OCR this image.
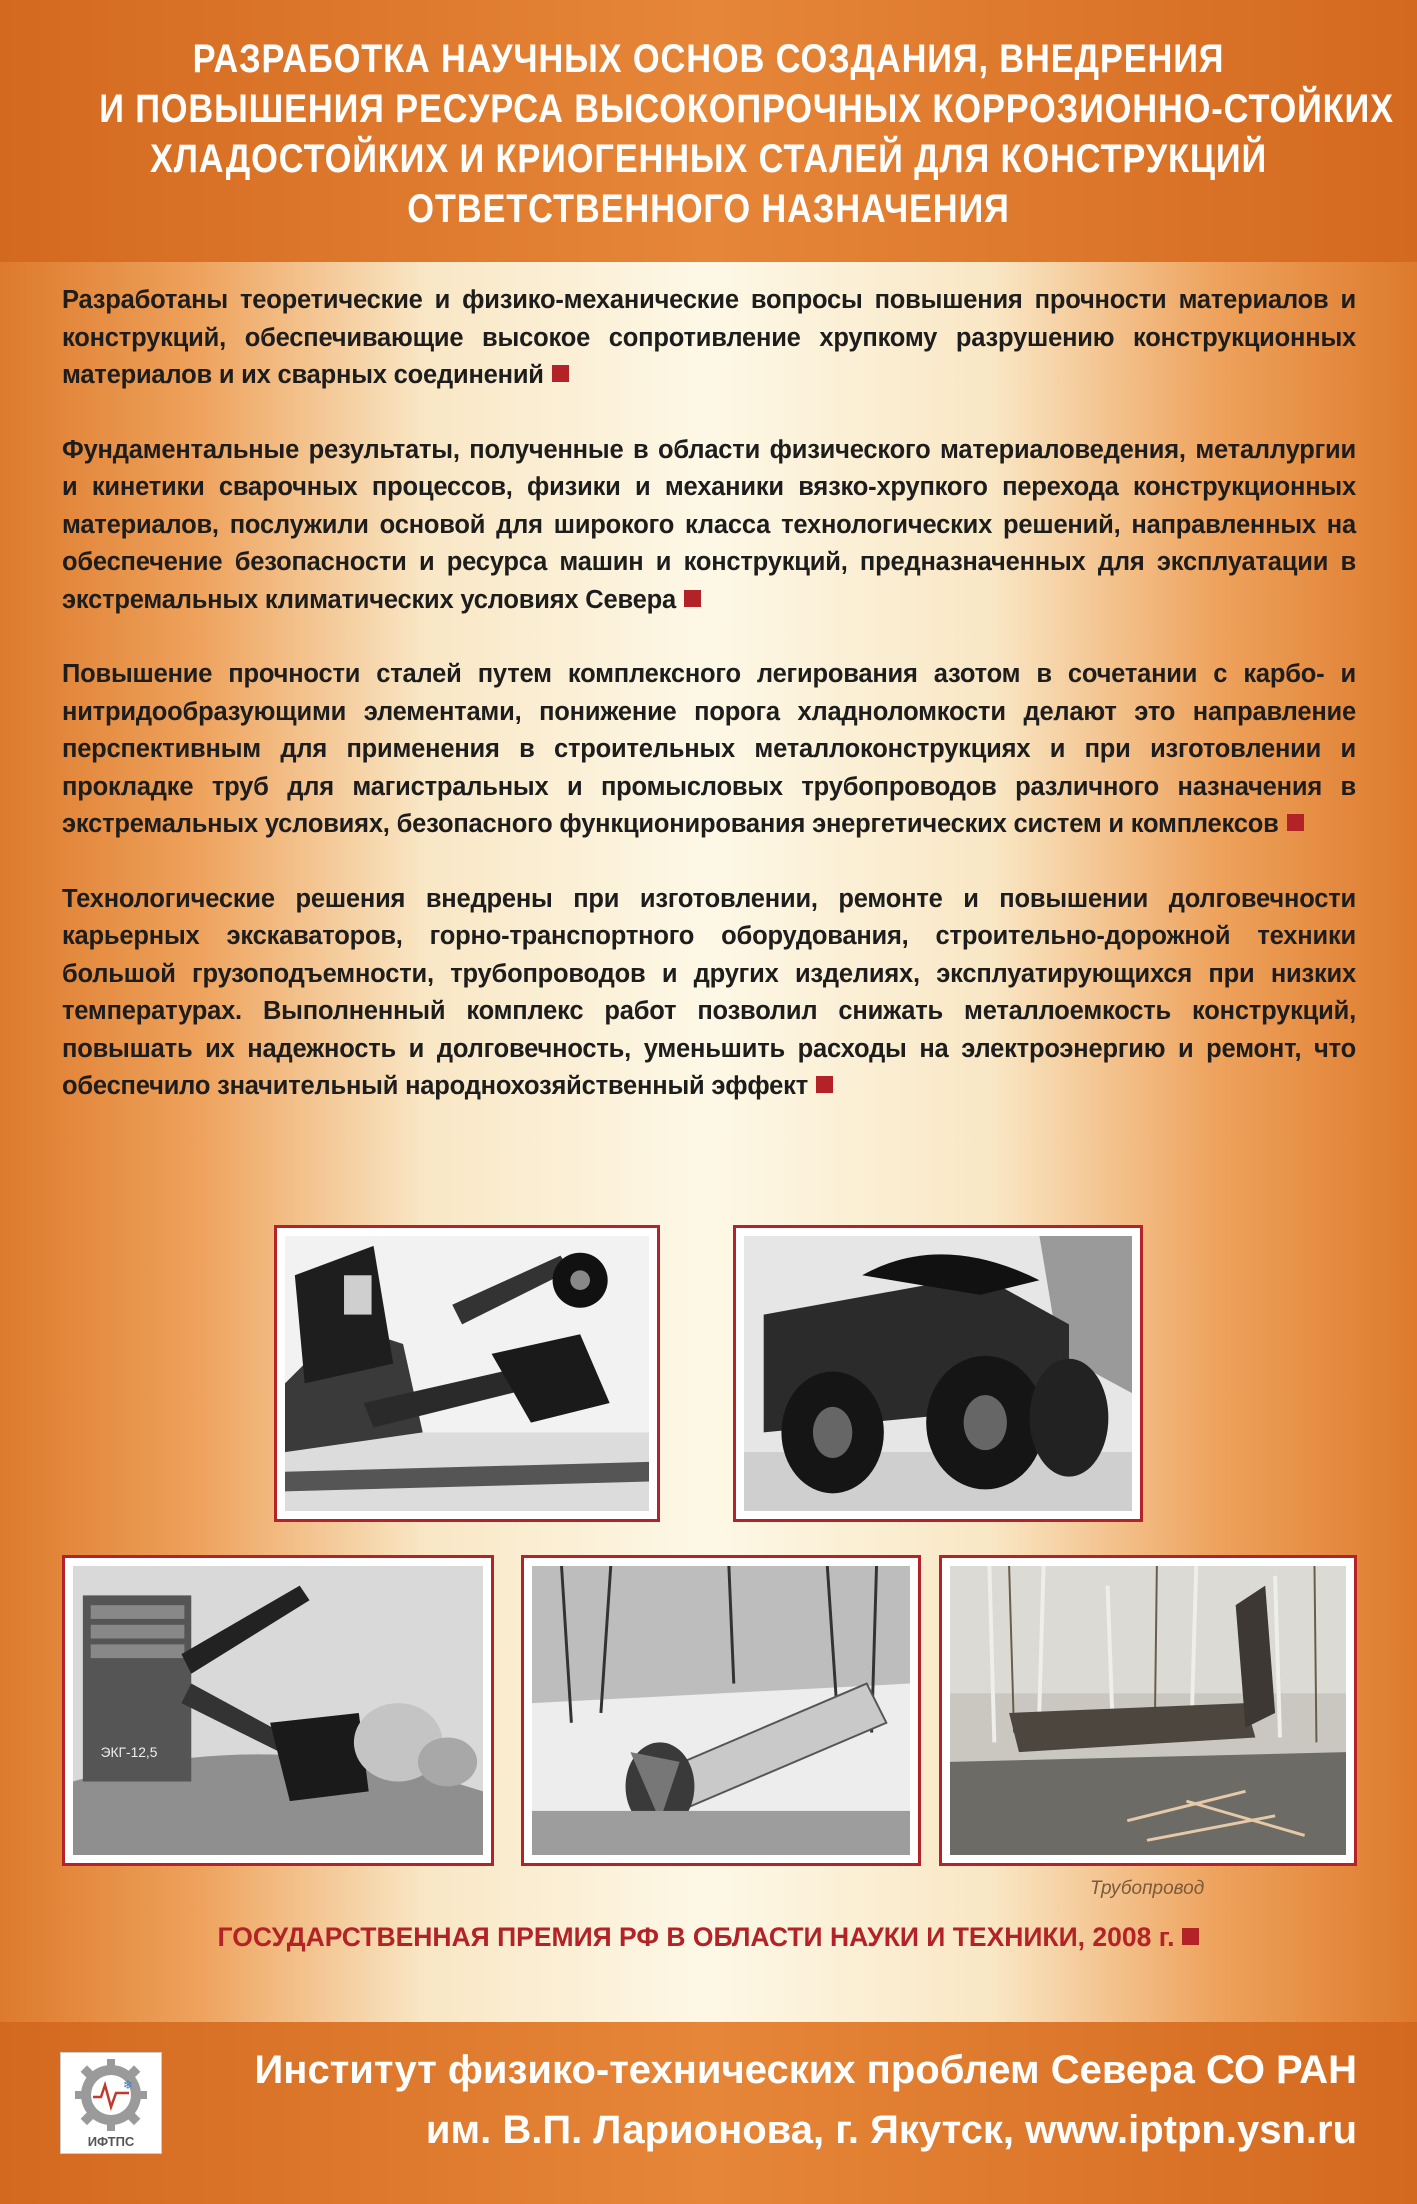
РАЗРАБОТКА НАУЧНЫХ ОСНОВ СОЗДАНИЯ, ВНЕДРЕНИЯ
И ПОВЫШЕНИЯ РЕСУРСА ВЫСОКОПРОЧНЫХ КОРРОЗИОННО-СТОЙКИХ
ХЛАДОСТОЙКИХ И КРИОГЕННЫХ СТАЛЕЙ ДЛЯ КОНСТРУКЦИЙ
ОТВЕТСТВЕННОГО НАЗНАЧЕНИЯ

Разработаны теоретические и физико-механические вопросы повышения прочности материалов и конструкций, обеспечивающие высокое сопротивление хрупкому разрушению конструкционных материалов и их сварных соединений

Фундаментальные результаты, полученные в области физического материаловедения, металлургии и кинетики сварочных процессов, физики и механики вязко-хрупкого перехода конструкционных материалов, послужили основой для широкого класса технологических решений, направленных на обеспечение безопасности и ресурса машин и конструкций, предназначенных для эксплуатации в экстремальных климатических условиях Севера

Повышение прочности сталей путем комплексного легирования азотом в сочетании с карбо- и нитридообразующими элементами, понижение порога хладноломкости делают это направление перспективным для применения в строительных металлоконструкциях и при изготовлении и прокладке труб для магистральных и промысловых трубопроводов различного назначения в экстремальных условиях, безопасного функционирования энергетических систем и комплексов

Технологические решения внедрены при изготовлении, ремонте и повышении долговечности карьерных экскаваторов, горно-транспортного оборудования, строительно-дорожной техники большой грузоподъемности, трубопроводов и других изделиях, эксплуатирующихся при низких температурах. Выполненный комплекс работ позволил снижать металлоемкость конструкций, повышать их надежность и долговечность, уменьшить расходы на электроэнергию и ремонт, что обеспечило значительный народнохозяйственный эффект

ЭКГ-12,5
Трубопровод
ГОСУДАРСТВЕННАЯ ПРЕМИЯ РФ В ОБЛАСТИ НАУКИ И ТЕХНИКИ, 2008 г.
❄
ИФТПС
Институт физико-технических проблем Севера СО РАН
им. В.П. Ларионова, г. Якутск, www.iptpn.ysn.ru
